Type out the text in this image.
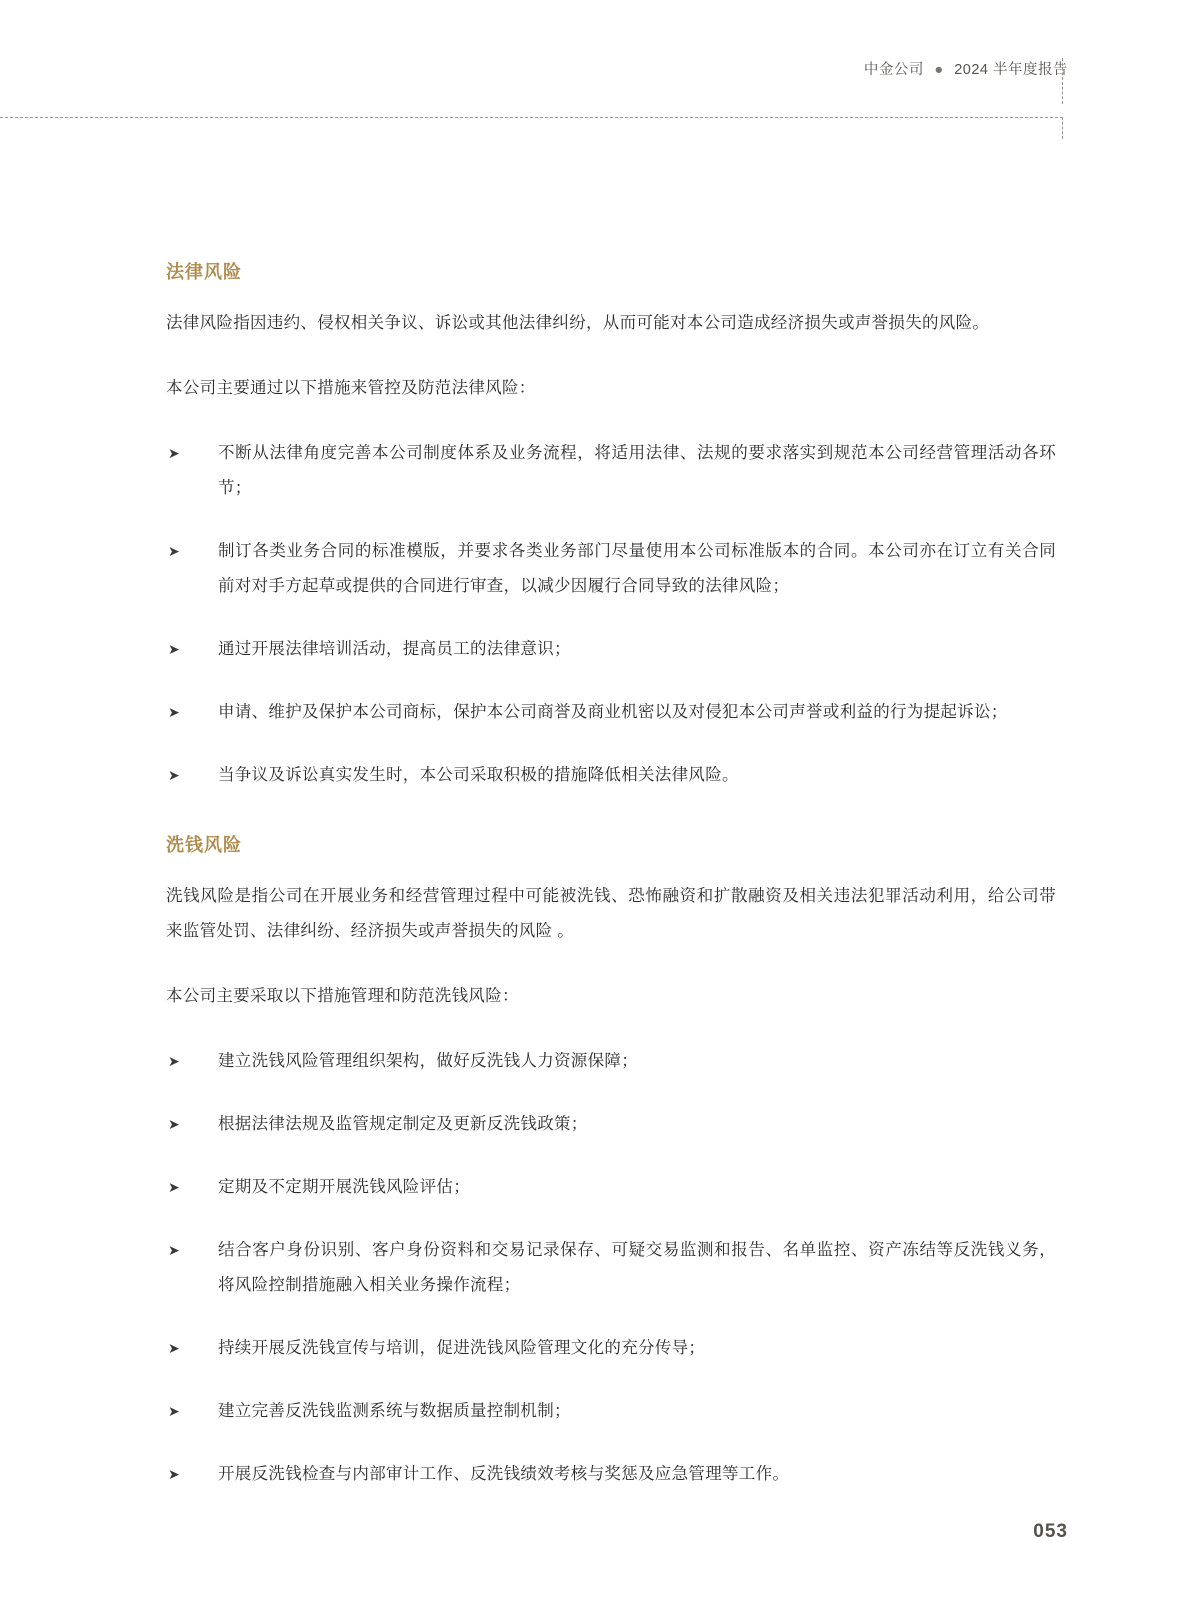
中金公司 ● 2024 半年度报告
法律风险

法律风险指因违约、侵权相关争议、诉讼或其他法律纠纷，从而可能对本公司造成经济损失或声誉损失的风险。

本公司主要通过以下措施来管控及防范法律风险：

➤ 不断从法律角度完善本公司制度体系及业务流程，将适用法律、法规的要求落实到规范本公司经营管理活动各环节；
➤ 制订各类业务合同的标准模版，并要求各类业务部门尽量使用本公司标准版本的合同。本公司亦在订立有关合同前对对手方起草或提供的合同进行审查，以减少因履行合同导致的法律风险；
➤ 通过开展法律培训活动，提高员工的法律意识；
➤ 申请、维护及保护本公司商标，保护本公司商誉及商业机密以及对侵犯本公司声誉或利益的行为提起诉讼；
➤ 当争议及诉讼真实发生时，本公司采取积极的措施降低相关法律风险。
洗钱风险

洗钱风险是指公司在开展业务和经营管理过程中可能被洗钱、恐怖融资和扩散融资及相关违法犯罪活动利用，给公司带来监管处罚、法律纠纷、经济损失或声誉损失的风险 。

本公司主要采取以下措施管理和防范洗钱风险：

➤ 建立洗钱风险管理组织架构，做好反洗钱人力资源保障；
➤ 根据法律法规及监管规定制定及更新反洗钱政策；
➤ 定期及不定期开展洗钱风险评估；
➤ 结合客户身份识别、客户身份资料和交易记录保存、可疑交易监测和报告、名单监控、资产冻结等反洗钱义务，将风险控制措施融入相关业务操作流程；
➤ 持续开展反洗钱宣传与培训，促进洗钱风险管理文化的充分传导；
➤ 建立完善反洗钱监测系统与数据质量控制机制；
➤ 开展反洗钱检查与内部审计工作、反洗钱绩效考核与奖惩及应急管理等工作。
053
